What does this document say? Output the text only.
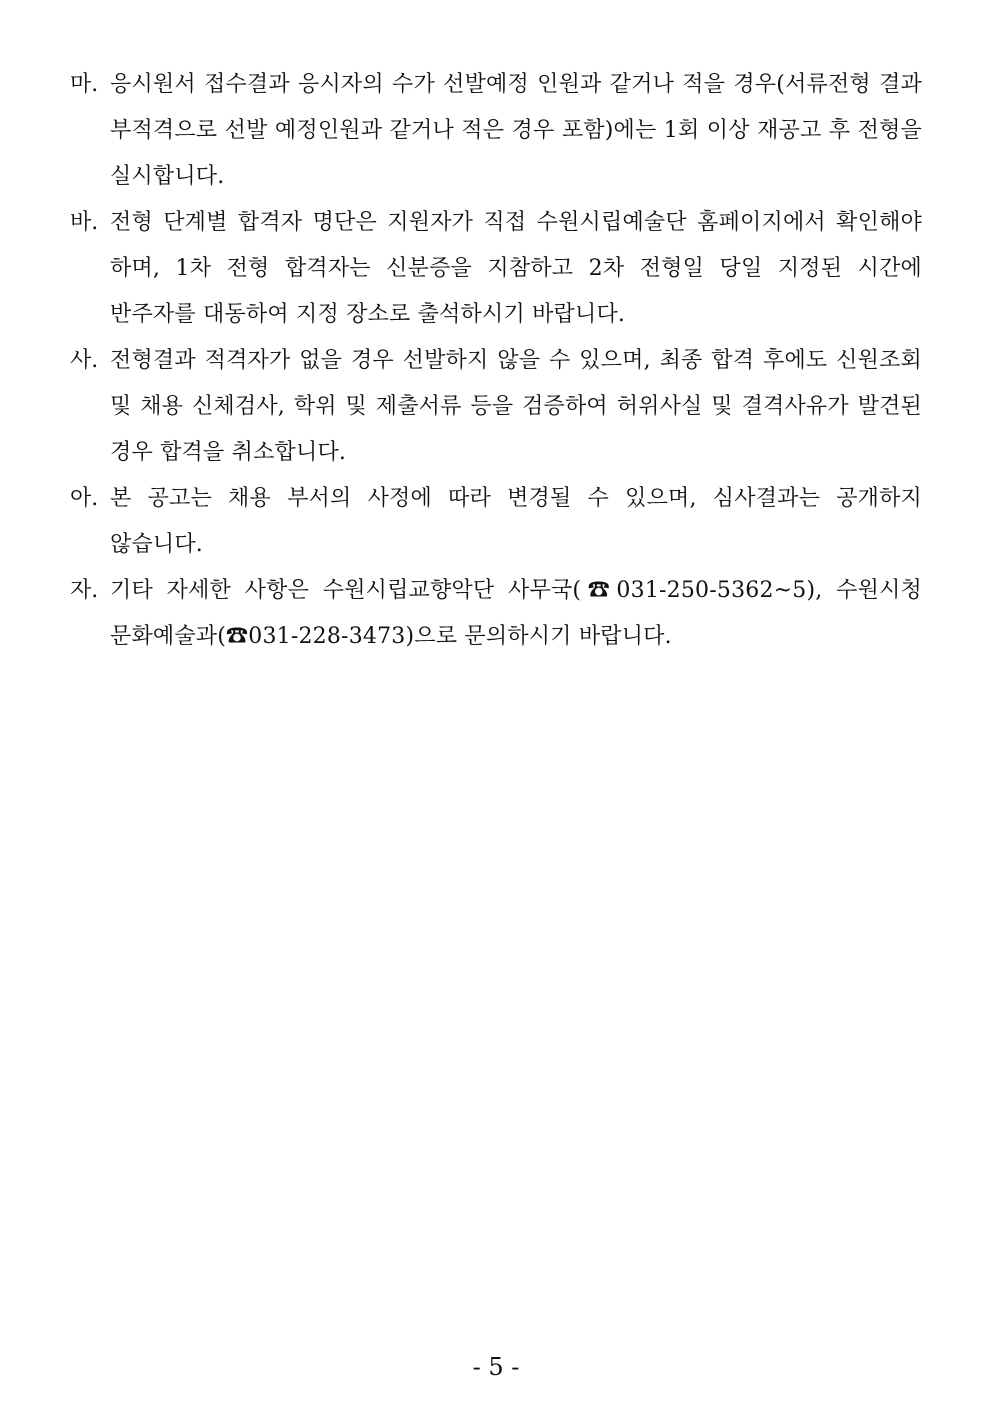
마. 응시원서 접수결과 응시자의 수가 선발예정 인원과 같거나 적을 경우(서류전형 결과 부적격으로 선발 예정인원과 같거나 적은 경우 포함)에는 1회 이상 재공고 후 전형을 실시합니다.
바. 전형 단계별 합격자 명단은 지원자가 직접 수원시립예술단 홈페이지에서 확인해야 하며, 1차 전형 합격자는 신분증을 지참하고 2차 전형일 당일 지정된 시간에 반주자를 대동하여 지정 장소로 출석하시기 바랍니다.
사. 전형결과 적격자가 없을 경우 선발하지 않을 수 있으며, 최종 합격 후에도 신원조회 및 채용 신체검사, 학위 및 제출서류 등을 검증하여 허위사실 및 결격사유가 발견된 경우 합격을 취소합니다.
아. 본 공고는 채용 부서의 사정에 따라 변경될 수 있으며, 심사결과는 공개하지 않습니다.
자. 기타 자세한 사항은 수원시립교향악단 사무국(☎031-250-5362~5), 수원시청 문화예술과(☎031-228-3473)으로 문의하시기 바랍니다.
- 5 -
